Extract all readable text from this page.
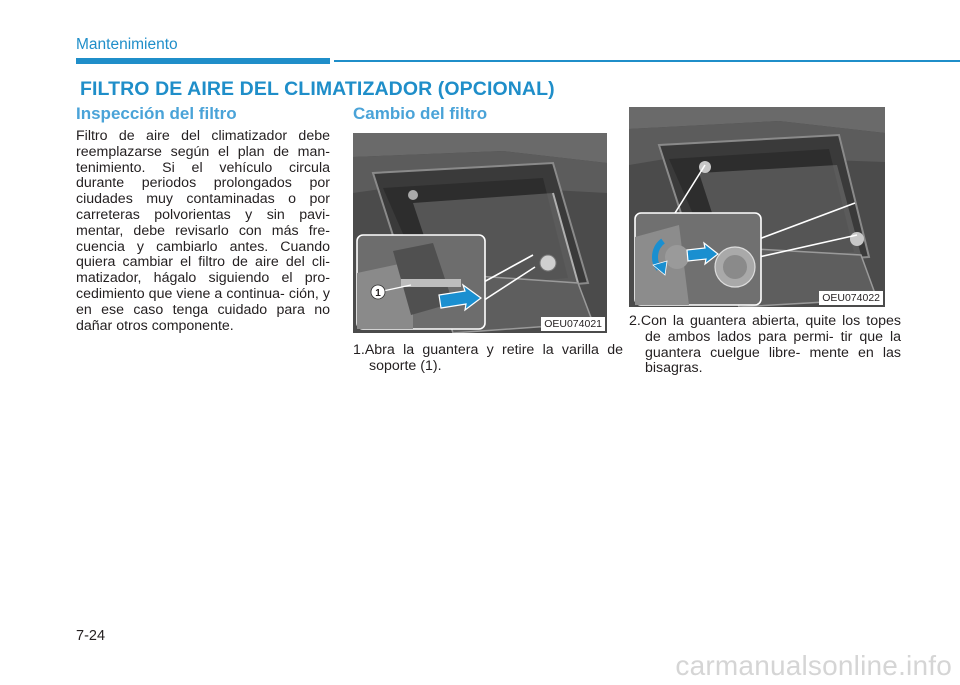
Mantenimiento
FILTRO DE AIRE DEL CLIMATIZADOR (OPCIONAL)
Inspección del filtro
Filtro de aire del climatizador debe reemplazarse según el plan de man- tenimiento. Si el vehículo circula durante periodos prolongados por ciudades muy contaminadas o por carreteras polvorientas y sin pavi- mentar, debe revisarlo con más fre- cuencia y cambiarlo antes. Cuando quiera cambiar el filtro de aire del cli- matizador, hágalo siguiendo el pro- cedimiento que viene a continua- ción, y en ese caso tenga cuidado para no dañar otros componente.
Cambio del filtro
1
OEU074021
1.Abra la guantera y retire la varilla de soporte (1).
OEU074022
2.Con la guantera abierta, quite los topes de ambos lados para permi- tir que la guantera cuelgue libre- mente en las bisagras.
7-24
carmanualsonline.info
